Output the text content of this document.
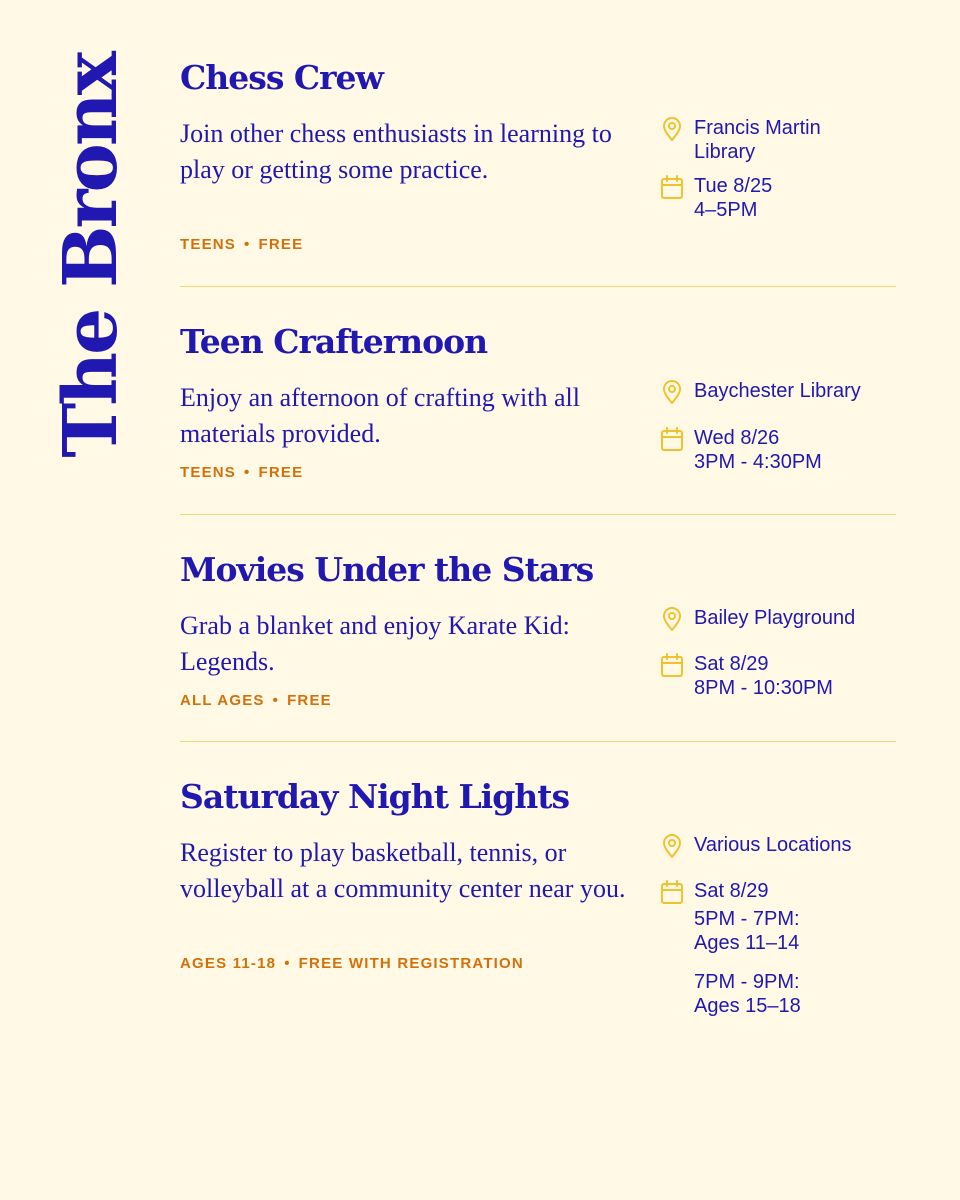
The Bronx Chess Crew

Join other chess enthusiasts in learning to play or getting some practice.

TEENS • FREE
Francis Martin
Library
Tue 8/25
4–5PM
Teen Crafternoon

Enjoy an afternoon of crafting with all materials provided.

TEENS • FREE
Baychester Library
Wed 8/26
3PM - 4:30PM
Movies Under the Stars

Grab a blanket and enjoy Karate Kid: Legends.

ALL AGES • FREE
Bailey Playground
Sat 8/29
8PM - 10:30PM
Saturday Night Lights

Register to play basketball, tennis, or volleyball at a community center near you.

AGES 11-18 • FREE WITH REGISTRATION
Various Locations
Sat 8/29
5PM - 7PM:
Ages 11–14
7PM - 9PM:
Ages 15–18
